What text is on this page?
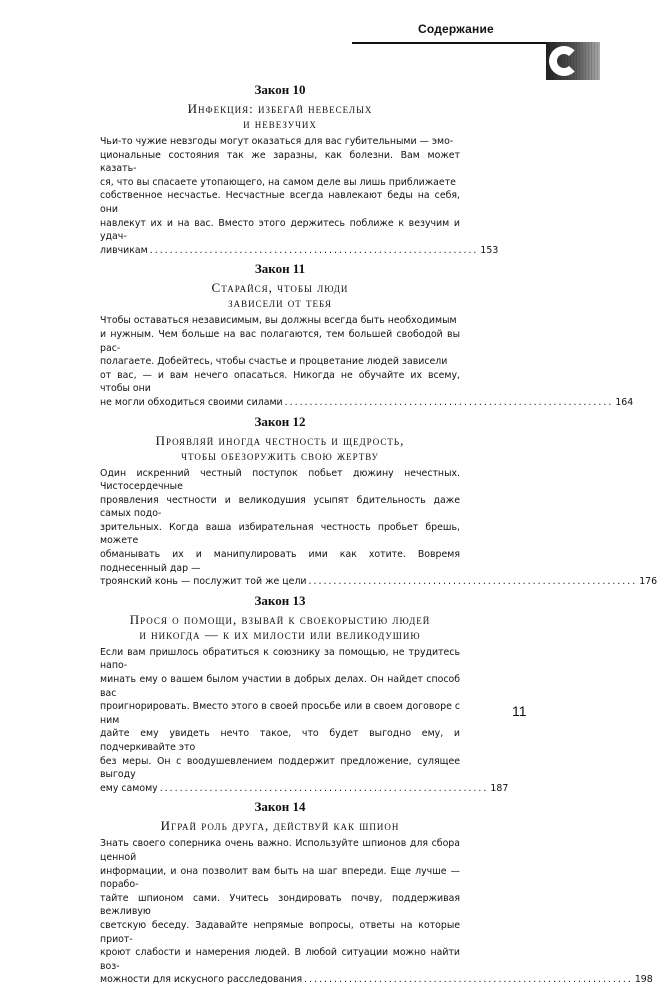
Содержание
Закон 10
Инфекция: избегай невеселых
и невезучих
Чьи-то чужие невзгоды могут оказаться для вас губительными — эмо-
циональные состояния так же заразны, как болезни. Вам может казать-
ся, что вы спасаете утопающего, на самом деле вы лишь приближаете
собственное несчастье. Несчастные всегда навлекают беды на себя, они
навлекут их и на вас. Вместо этого держитесь поближе к везучим и удач-
ливчикам .................................................................. 153
Закон 11
Старайся, чтобы люди
зависели от тебя
Чтобы оставаться независимым, вы должны всегда быть необходимым
и нужным. Чем больше на вас полагаются, тем большей свободой вы рас-
полагаете. Добейтесь, чтобы счастье и процветание людей зависели
от вас, — и вам нечего опасаться. Никогда не обучайте их всему, чтобы они
не могли обходиться своими силами .................................................................. 164
Закон 12
Проявляй иногда честность и щедрость,
чтобы обезоружить свою жертву
Один искренний честный поступок побьет дюжину нечестных. Чистосердечные
проявления честности и великодушия усыпят бдительность даже самых подо-
зрительных. Когда ваша избирательная честность пробьет брешь, можете
обманывать их и манипулировать ими как хотите. Вовремя поднесенный дар —
троянский конь — послужит той же цели .................................................................. 176
Закон 13
Прося о помощи, взывай к своекорыстию людей
и никогда — к их милости или великодушию
Если вам пришлось обратиться к союзнику за помощью, не трудитесь напо-
минать ему о вашем былом участии в добрых делах. Он найдет способ вас
проигнорировать. Вместо этого в своей просьбе или в своем договоре с ним
дайте ему увидеть нечто такое, что будет выгодно ему, и подчеркивайте это
без меры. Он с воодушевлением поддержит предложение, сулящее выгоду
ему самому .................................................................. 187
Закон 14
Играй роль друга, действуй как шпион
Знать своего соперника очень важно. Используйте шпионов для сбора ценной
информации, и она позволит вам быть на шаг впереди. Еще лучше — порабо-
тайте шпионом сами. Учитесь зондировать почву, поддерживая вежливую
светскую беседу. Задавайте непрямые вопросы, ответы на которые приот-
кроют слабости и намерения людей. В любой ситуации можно найти воз-
можности для искусного расследования .................................................................. 198
11
